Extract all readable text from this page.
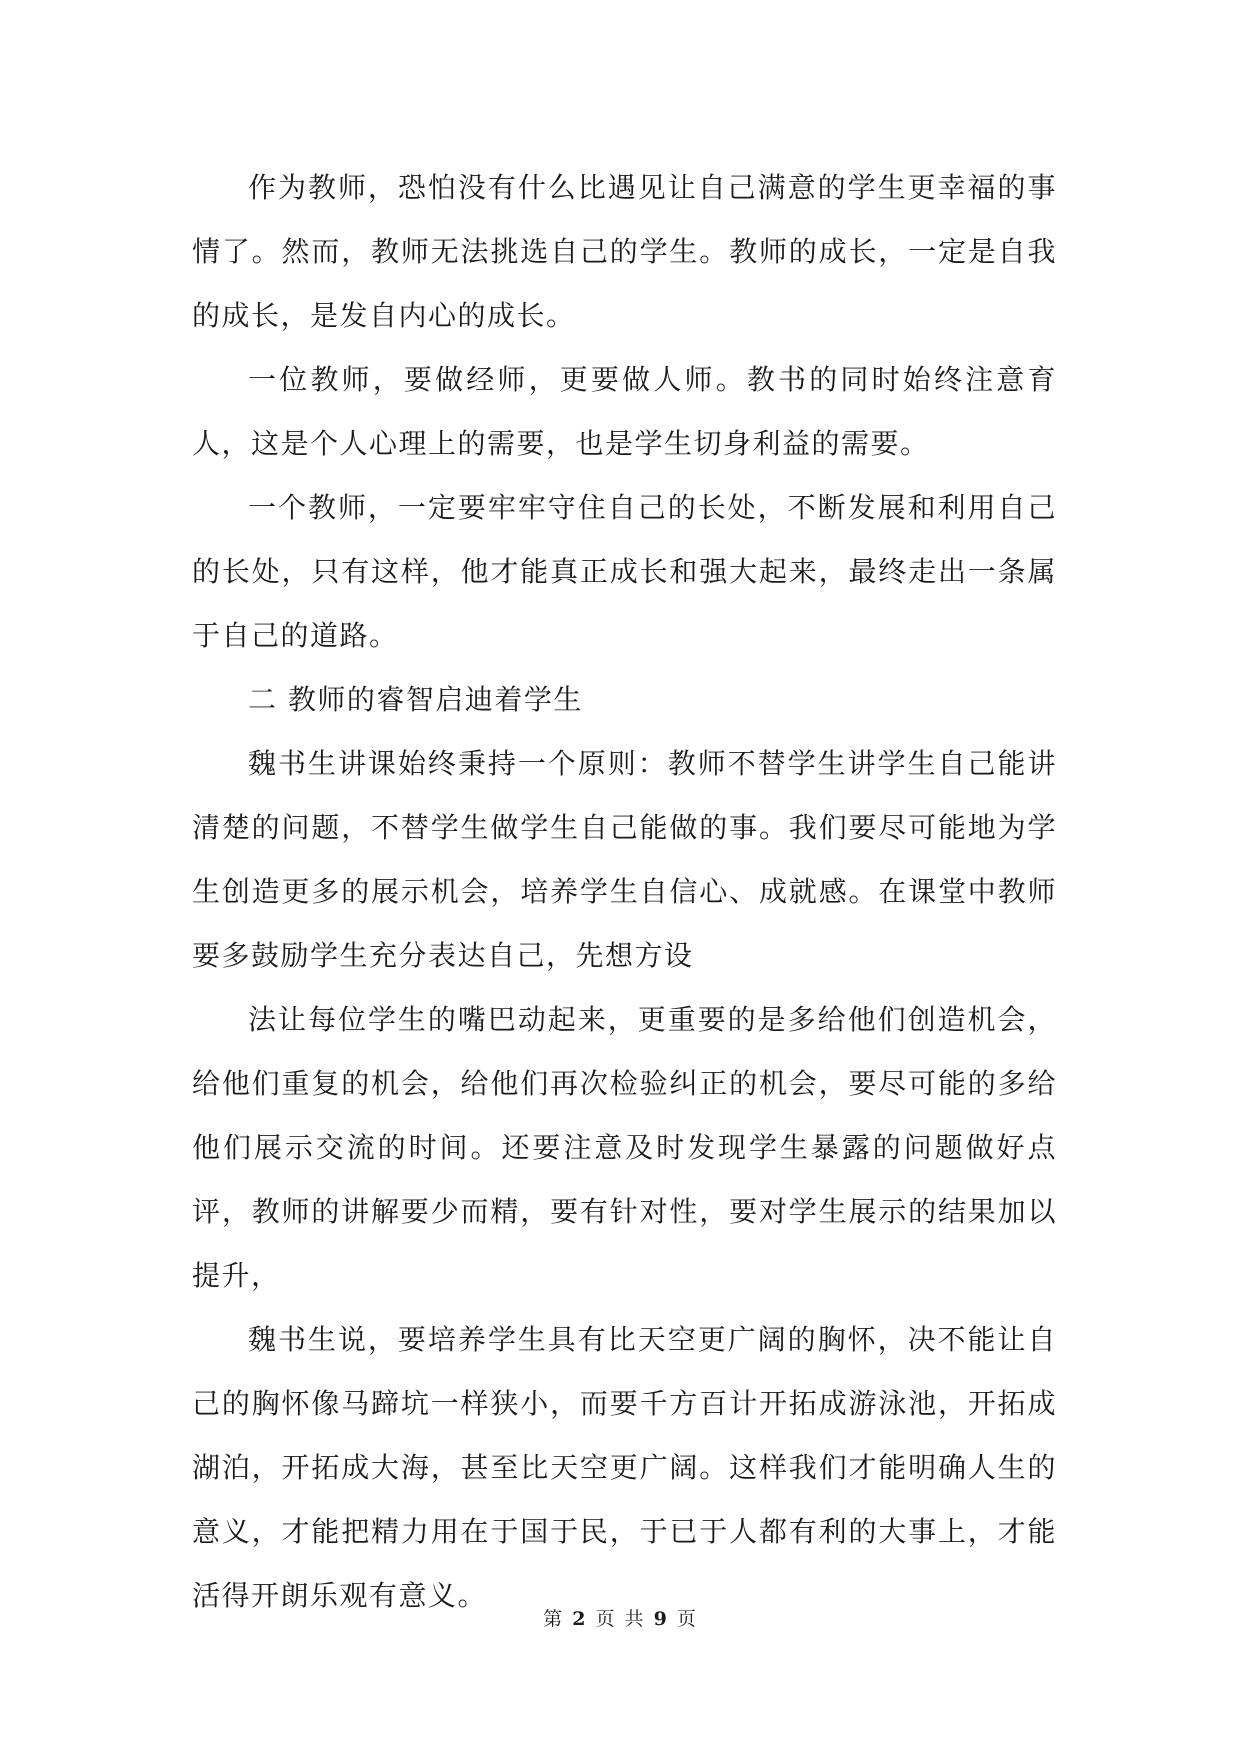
作为教师，恐怕没有什么比遇见让自己满意的学生更幸福的事情了。然而，教师无法挑选自己的学生。教师的成长，一定是自我的成长，是发自内心的成长。

一位教师，要做经师，更要做人师。教书的同时始终注意育人，这是个人心理上的需要，也是学生切身利益的需要。

一个教师，一定要牢牢守住自己的长处，不断发展和利用自己的长处，只有这样，他才能真正成长和强大起来，最终走出一条属于自己的道路。

二 教师的睿智启迪着学生

魏书生讲课始终秉持一个原则：教师不替学生讲学生自己能讲清楚的问题，不替学生做学生自己能做的事。我们要尽可能地为学生创造更多的展示机会，培养学生自信心、成就感。在课堂中教师要多鼓励学生充分表达自己，先想方设

法让每位学生的嘴巴动起来，更重要的是多给他们创造机会，给他们重复的机会，给他们再次检验纠正的机会，要尽可能的多给他们展示交流的时间。还要注意及时发现学生暴露的问题做好点评，教师的讲解要少而精，要有针对性，要对学生展示的结果加以提升，

魏书生说，要培养学生具有比天空更广阔的胸怀，决不能让自己的胸怀像马蹄坑一样狭小，而要千方百计开拓成游泳池，开拓成湖泊，开拓成大海，甚至比天空更广阔。这样我们才能明确人生的意义，才能把精力用在于国于民，于已于人都有利的大事上，才能活得开朗乐观有意义。

第 2 页 共 9 页
